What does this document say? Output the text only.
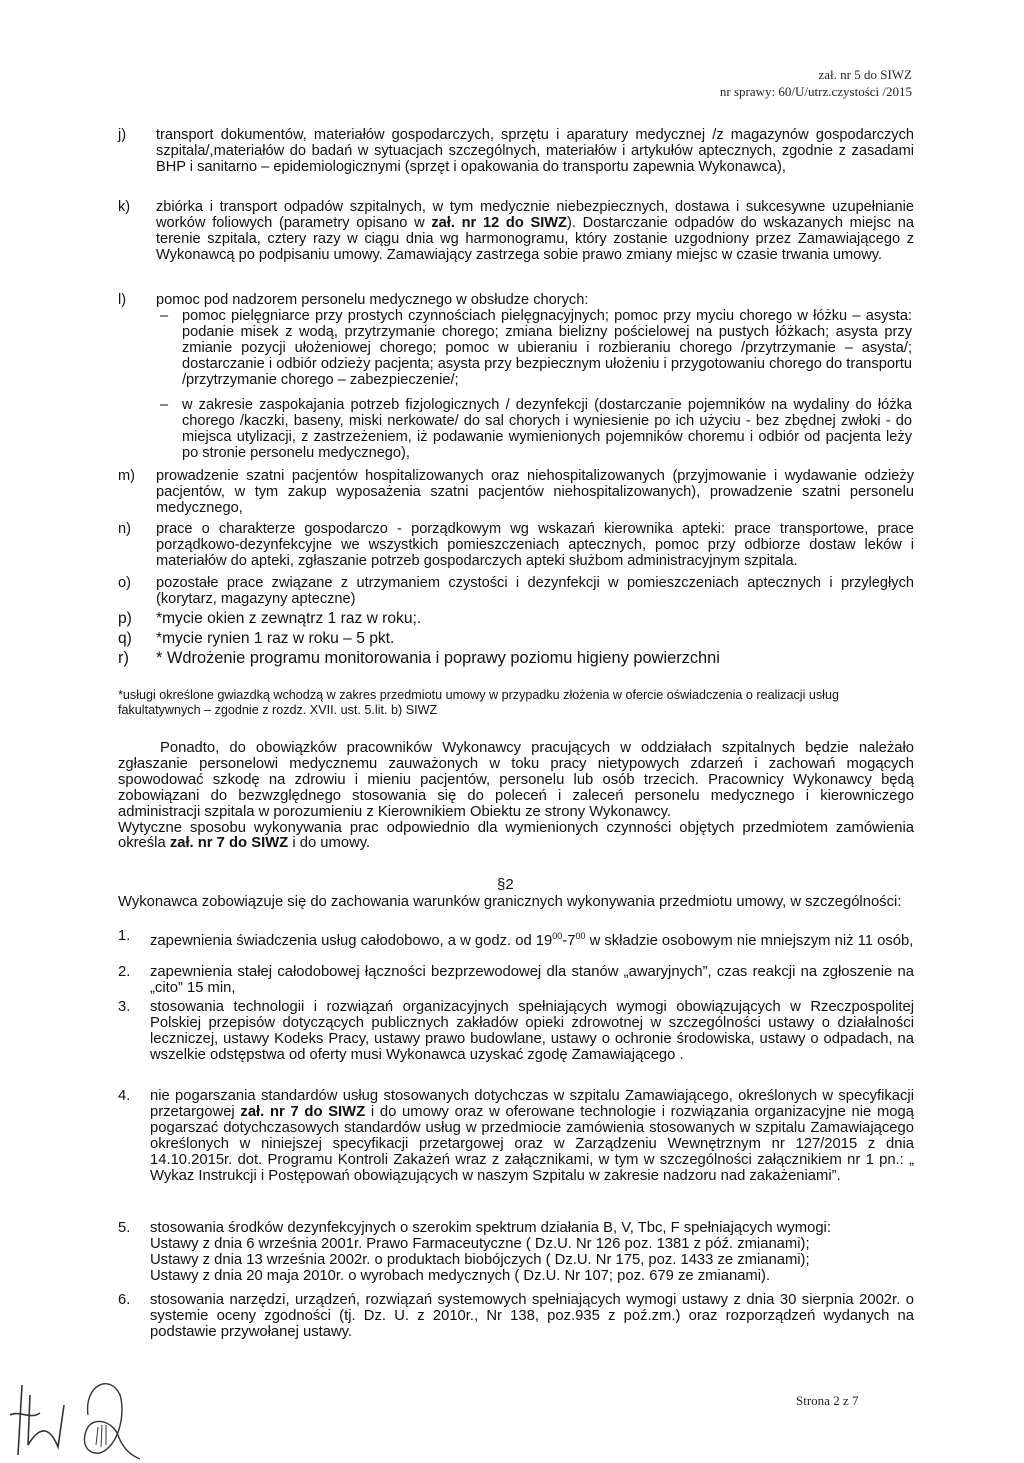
zał. nr 5 do SIWZ
nr sprawy: 60/U/utrz.czystości /2015
j) transport dokumentów, materiałów gospodarczych, sprzętu i aparatury medycznej /z magazynów gospodarczych szpitala/,materiałów do badań w sytuacjach szczególnych, materiałów i artykułów aptecznych, zgodnie z zasadami BHP i sanitarno – epidemiologicznymi (sprzęt i opakowania do transportu zapewnia Wykonawca),
k) zbiórka i transport odpadów szpitalnych, w tym medycznie niebezpiecznych, dostawa i sukcesywne uzupełnianie worków foliowych (parametry opisano w zał. nr 12 do SIWZ). Dostarczanie odpadów do wskazanych miejsc na terenie szpitala, cztery razy w ciągu dnia wg harmonogramu, który zostanie uzgodniony przez Zamawiającego z Wykonawcą po podpisaniu umowy. Zamawiający zastrzega sobie prawo zmiany miejsc w czasie trwania umowy.
l) pomoc pod nadzorem personelu medycznego w obsłudze chorych:
– pomoc pielęgniarce przy prostych czynnościach pielęgnacyjnych; pomoc przy myciu chorego w łóżku – asysta: podanie misek z wodą, przytrzymanie chorego; zmiana bielizny pościelowej na pustych łóżkach; asysta przy zmianie pozycji ułożeniowej chorego; pomoc w ubieraniu i rozbieraniu chorego /przytrzymanie – asysta/; dostarczanie i odbiór odzieży pacjenta; asysta przy bezpiecznym ułożeniu i przygotowaniu chorego do transportu /przytrzymanie chorego – zabezpieczenie/;
– w zakresie zaspokajania potrzeb fizjologicznych / dezynfekcji (dostarczanie pojemników na wydaliny do łóżka chorego /kaczki, baseny, miski nerkowate/ do sal chorych i wyniesienie po ich użyciu - bez zbędnej zwłoki - do miejsca utylizacji, z zastrzeżeniem, iż podawanie wymienionych pojemników choremu i odbiór od pacjenta leży po stronie personelu medycznego),
m) prowadzenie szatni pacjentów hospitalizowanych oraz niehospitalizowanych (przyjmowanie i wydawanie odzieży pacjentów, w tym zakup wyposażenia szatni pacjentów niehospitalizowanych), prowadzenie szatni personelu medycznego,
n) prace o charakterze gospodarczo - porządkowym wg wskazań kierownika apteki: prace transportowe, prace porządkowo-dezynfekcyjne we wszystkich pomieszczeniach aptecznych, pomoc przy odbiorze dostaw leków i materiałów do apteki, zgłaszanie potrzeb gospodarczych apteki służbom administracyjnym szpitala.
o) pozostałe prace związane z utrzymaniem czystości i dezynfekcji w pomieszczeniach aptecznych i przyległych (korytarz, magazyny apteczne)
p) *mycie okien z zewnątrz 1 raz w roku;.
q) *mycie rynien 1 raz w roku – 5 pkt.
r) * Wdrożenie programu monitorowania i poprawy poziomu higieny powierzchni
*usługi określone gwiazdką wchodzą w zakres przedmiotu umowy w przypadku złożenia w ofercie oświadczenia o realizacji usług fakultatywnych – zgodnie z rozdz. XVII. ust. 5.lit. b) SIWZ
Ponadto, do obowiązków pracowników Wykonawcy pracujących w oddziałach szpitalnych będzie należało zgłaszanie personelowi medycznemu zauważonych w toku pracy nietypowych zdarzeń i zachowań mogących spowodować szkodę na zdrowiu i mieniu pacjentów, personelu lub osób trzecich. Pracownicy Wykonawcy będą zobowiązani do bezwzględnego stosowania się do poleceń i zaleceń personelu medycznego i kierowniczego administracji szpitala w porozumieniu z Kierownikiem Obiektu ze strony Wykonawcy.
Wytyczne sposobu wykonywania prac odpowiednio dla wymienionych czynności objętych przedmiotem zamówienia określa zał. nr 7 do SIWZ i do umowy.
§2
Wykonawca zobowiązuje się do zachowania warunków granicznych wykonywania przedmiotu umowy, w szczególności:
1. zapewnienia świadczenia usług całodobowo, a w godz. od $19^{00}-7^{00}$ w składzie osobowym nie mniejszym niż 11 osób,
2. zapewnienia stałej całodobowej łączności bezprzewodowej dla stanów „awaryjnych”, czas reakcji na zgłoszenie na „cito” 15 min,
3. stosowania technologii i rozwiązań organizacyjnych spełniających wymogi obowiązujących w Rzeczpospolitej Polskiej przepisów dotyczących publicznych zakładów opieki zdrowotnej w szczególności ustawy o działalności leczniczej, ustawy Kodeks Pracy, ustawy prawo budowlane, ustawy o ochronie środowiska, ustawy o odpadach, na wszelkie odstępstwa od oferty musi Wykonawca uzyskać zgodę Zamawiającego .
4. nie pogarszania standardów usług stosowanych dotychczas w szpitalu Zamawiającego, określonych w specyfikacji przetargowej zał. nr 7 do SIWZ i do umowy oraz w oferowane technologie i rozwiązania organizacyjne nie mogą pogarszać dotychczasowych standardów usług w przedmiocie zamówienia stosowanych w szpitalu Zamawiającego określonych w niniejszej specyfikacji przetargowej oraz w Zarządzeniu Wewnętrznym nr 127/2015 z dnia 14.10.2015r. dot. Programu Kontroli Zakażeń wraz z załącznikami, w tym w szczególności załącznikiem nr 1 pn.: „ Wykaz Instrukcji i Postępowań obowiązujących w naszym Szpitalu w zakresie nadzoru nad zakażeniami”.
5. stosowania środków dezynfekcyjnych o szerokim spektrum działania B, V, Tbc, F spełniających wymogi:
Ustawy z dnia 6 września 2001r. Prawo Farmaceutyczne ( Dz.U. Nr 126 poz. 1381 z póź. zmianami);
Ustawy z dnia 13 września 2002r. o produktach biobójczych ( Dz.U. Nr 175, poz. 1433 ze zmianami);
Ustawy z dnia 20 maja 2010r. o wyrobach medycznych ( Dz.U. Nr 107; poz. 679 ze zmianami).
6. stosowania narzędzi, urządzeń, rozwiązań systemowych spełniających wymogi ustawy z dnia 30 sierpnia 2002r. o systemie oceny zgodności (tj. Dz. U. z 2010r., Nr 138, poz.935 z poź.zm.) oraz rozporządzeń wydanych na podstawie przywołanej ustawy.
Strona 2 z 7
